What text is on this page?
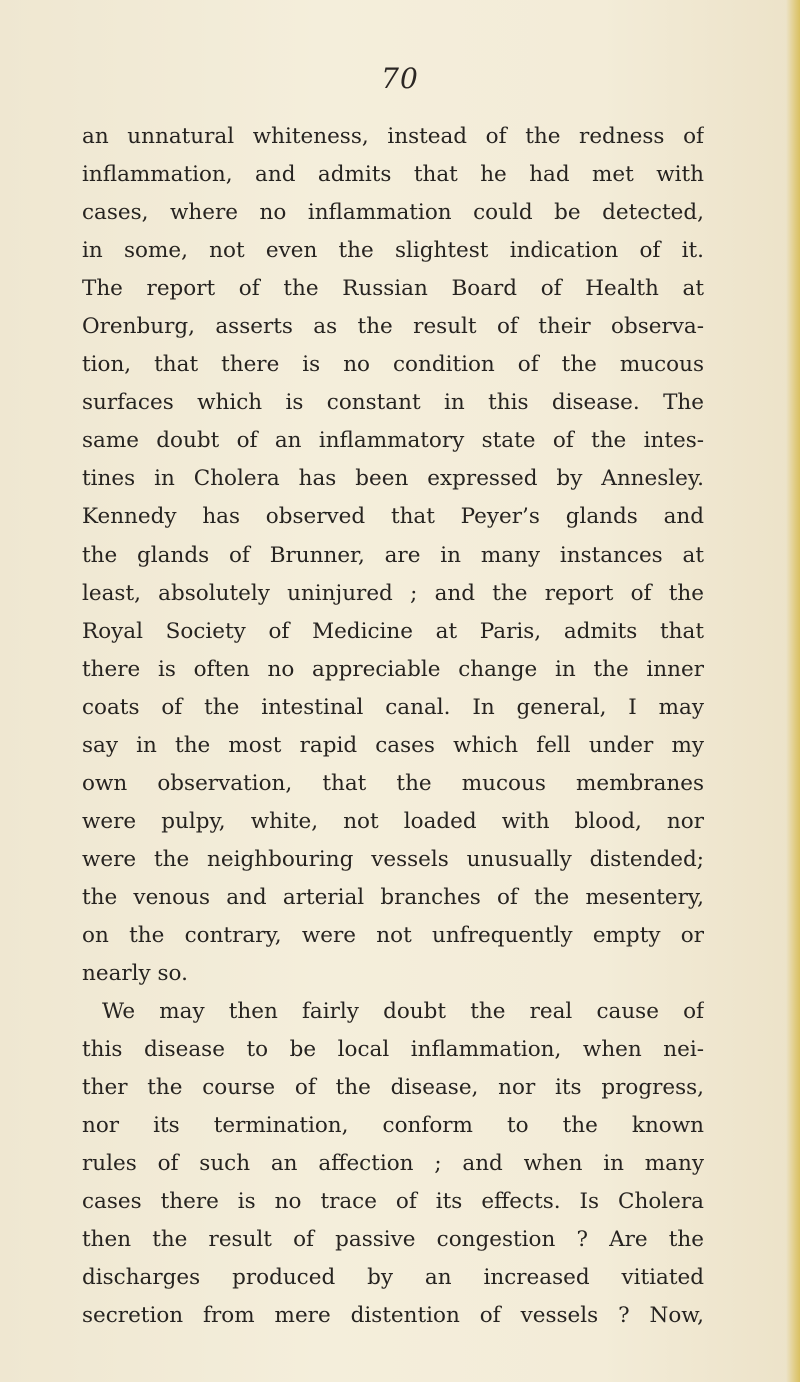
70
an unnatural whiteness, instead of the redness of
inflammation, and admits that he had met with
cases, where no inflammation could be detected,
in some, not even the slightest indication of it.
The report of the Russian Board of Health at
Orenburg, asserts as the result of their observa-
tion, that there is no condition of the mucous
surfaces which is constant in this disease. The
same doubt of an inflammatory state of the intes-
tines in Cholera has been expressed by Annesley.
Kennedy has observed that Peyer’s glands and
the glands of Brunner, are in many instances at
least, absolutely uninjured ; and the report of the
Royal Society of Medicine at Paris, admits that
there is often no appreciable change in the inner
coats of the intestinal canal. In general, I may
say in the most rapid cases which fell under my
own observation, that the mucous membranes
were pulpy, white, not loaded with blood, nor
were the neighbouring vessels unusually distended;
the venous and arterial branches of the mesentery,
on the contrary, were not unfrequently empty or
nearly so.
We may then fairly doubt the real cause of
this disease to be local inflammation, when nei-
ther the course of the disease, nor its progress,
nor its termination, conform to the known
rules of such an affection ; and when in many
cases there is no trace of its effects. Is Cholera
then the result of passive congestion ? Are the
discharges produced by an increased vitiated
secretion from mere distention of vessels ? Now,
